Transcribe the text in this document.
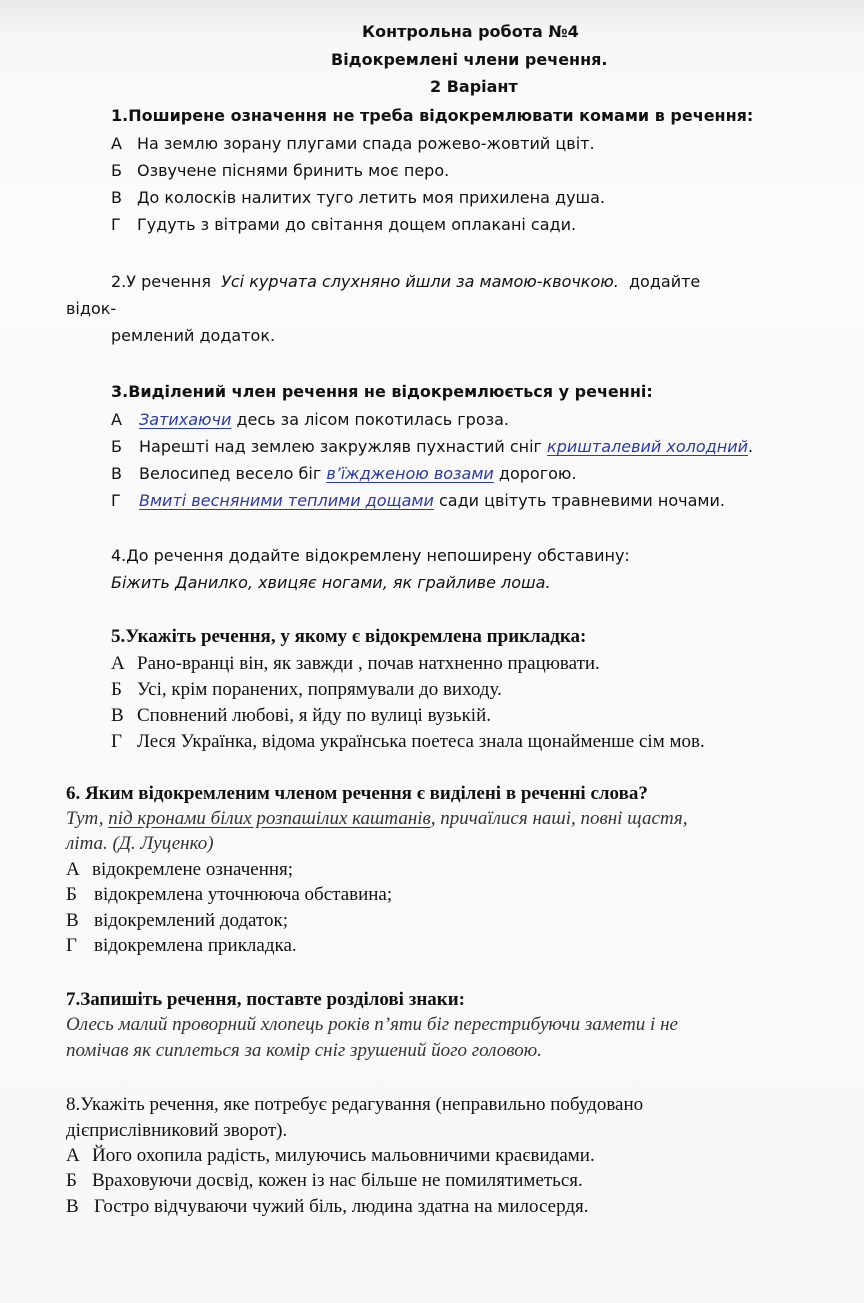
Контрольна робота №4
Відокремлені члени речення.
2 Варіант
1.Поширене означення не треба відокремлювати комами в речення:
А На землю зорану плугами спада рожево-жовтий цвіт.
Б Озвучене піснями бринить моє перо.
В До колосків налитих туго летить моя прихилена душа.
Г Гудуть з вітрами до світання дощем оплакані сади.
2.У речення Усі курчата слухняно йшли за мамою-квочкою. додайте
відок-
ремлений додаток.
3.Виділений член речення не відокремлюється у реченні:
А Затихаючи десь за лісом покотилась гроза.
Б Нарешті над землею закружляв пухнастий сніг кришталевий холодний.
В Велосипед весело біг в’їжджeною возами дорогою.
Г Вмиті весняними теплими дощами сади цвітуть травневими ночами.
4.До речення додайте відокремлену непоширену обставину:
Біжить Данилко, хвицяє ногами, як грайливе лоша.
5.Укажіть речення, у якому є відокремлена прикладка:
А Рано-вранці він, як завжди , почав натхненно працювати.
Б Усі, крім поранених, попрямували до виходу.
В Сповнений любові, я йду по вулиці вузькій.
Г Леся Українка, відома українська поетеса знала щонайменше сім мов.
6. Яким відокремленим членом речення є виділені в реченні слова?
Тут, під кронами білих розпашілих каштанів, причаїлися наші, повні щастя,
літа. (Д. Луценко)
А відокремлене означення;
Б відокремлена уточнююча обставина;
В відокремлений додаток;
Г відокремлена прикладка.
7.Запишіть речення, поставте розділові знаки:
Олесь малий проворний хлопець років п’яти біг перестрибуючи замети і не
помічав як сиплеться за комір сніг зрушений його головою.
8.Укажіть речення, яке потребує редагування (неправильно побудовано
дієприслівниковий зворот).
А Його охопила радість, милуючись мальовничими краєвидами.
Б Враховуючи досвід, кожен із нас більше не помилятиметься.
В Гостро відчуваючи чужий біль, людина здатна на милосердя.
